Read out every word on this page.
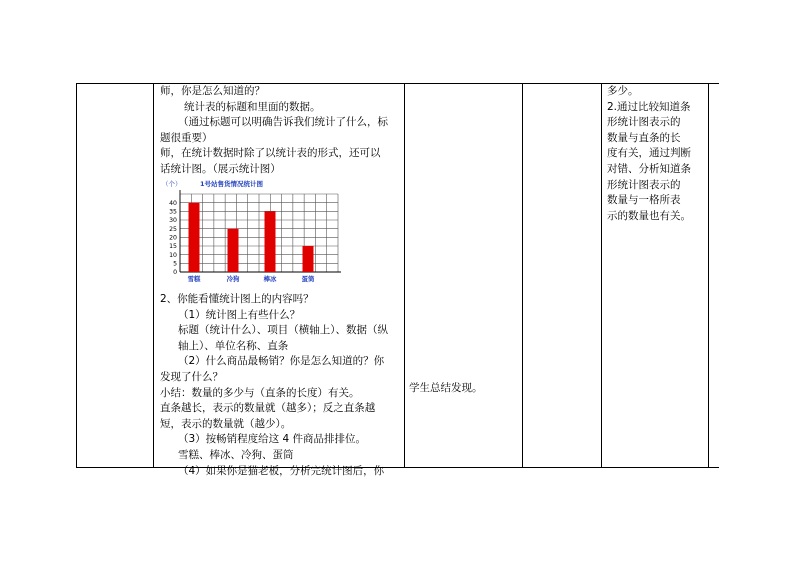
师，你是怎么知道的？
统计表的标题和里面的数据。
（通过标题可以明确告诉我们统计了什么，标
题很重要）
师，在统计数据时除了以统计表的形式，还可以
话统计图。（展示统计图）
1号站售货情况统计图
（个）
0
5
10
15
20
25
30
35
40
雪糕	冷狗	棒冰	蛋筒
2、你能看懂统计图上的内容吗？
（1）统计图上有些什么？
标题（统计什么）、项目（横轴上）、数据（纵
轴上）、单位名称、直条
（2）什么商品最畅销？你是怎么知道的？你
发现了什么？
小结：数量的多少与（直条的长度）有关。
直条越长，表示的数量就（越多）；反之直条越
短，表示的数量就（越少）。
（3）按畅销程度给这 4 件商品排排位。
雪糕、棒冰、冷狗、蛋筒
（4）如果你是猫老板，分析完统计图后，你
学生总结发现。
多少。
2.通过比较知道条
形统计图表示的
数量与直条的长
度有关，通过判断
对错、分析知道条
形统计图表示的
数量与一格所表
示的数量也有关。
